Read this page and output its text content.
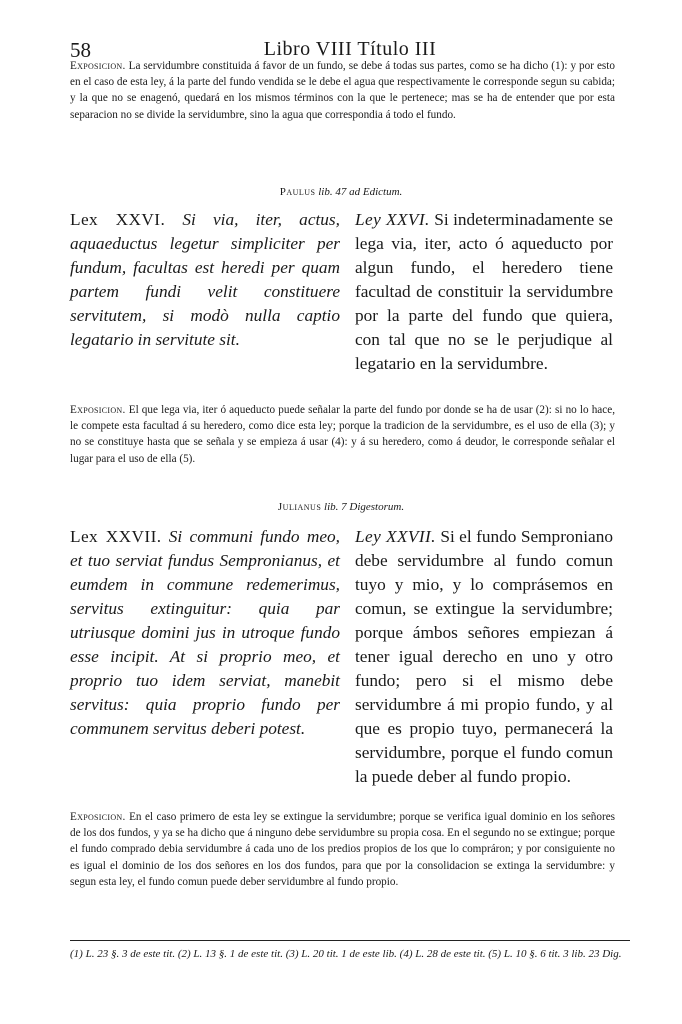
58	Libro VIII Título III

Exposicion. La servidumbre constituida á favor de un fundo, se debe á todas sus partes, como se ha dicho (1): y por esto en el caso de esta ley, á la parte del fundo vendida se le debe el agua que respectivamente le corresponde segun su cabida; y la que no se enagenó, quedará en los mismos términos con la que le pertenece; mas se ha de entender que por esta separacion no se divide la servidumbre, sino la agua que correspondia á todo el fundo.

Paulus lib. 47 ad Edictum.

Lex XXVI. Si via, iter, actus, aquaeductus legetur simpliciter per fundum, facultas est heredi per quam partem fundi velit constituere servitutem, si modò nulla captio legatario in servitute sit.

Ley XXVI. Si indeterminadamente se lega via, iter, acto ó aqueducto por algun fundo, el heredero tiene facultad de constituir la servidumbre por la parte del fundo que quiera, con tal que no se le perjudique al legatario en la servidumbre.

Exposicion. El que lega via, iter ó aqueducto puede señalar la parte del fundo por donde se ha de usar (2): si no lo hace, le compete esta facultad á su heredero, como dice esta ley; porque la tradicion de la servidumbre, es el uso de ella (3); y no se constituye hasta que se señala y se empieza á usar (4): y á su heredero, como á deudor, le corresponde señalar el lugar para el uso de ella (5).

Julianus lib. 7 Digestorum.

Lex XXVII. Si communi fundo meo, et tuo serviat fundus Sempronianus, et eumdem in commune redemerimus, servitus extinguitur: quia par utriusque domini jus in utroque fundo esse incipit. At si proprio meo, et proprio tuo idem serviat, manebit servitus: quia proprio fundo per communem servitus deberi potest.

Ley XXVII. Si el fundo Semproniano debe servidumbre al fundo comun tuyo y mio, y lo comprásemos en comun, se extingue la servidumbre; porque ámbos señores empiezan á tener igual derecho en uno y otro fundo; pero si el mismo debe servidumbre á mi propio fundo, y al que es propio tuyo, permanecerá la servidumbre, porque el fundo comun la puede deber al fundo propio.

Exposicion. En el caso primero de esta ley se extingue la servidumbre; porque se verifica igual dominio en los señores de los dos fundos, y ya se ha dicho que á ninguno debe servidumbre su propia cosa. En el segundo no se extingue; porque el fundo comprado debia servidumbre á cada uno de los predios propios de los que lo compráron; y por consiguiente no es igual el dominio de los dos señores en los dos fundos, para que por la consolidacion se extinga la servidumbre: y segun esta ley, el fundo comun puede deber servidumbre al fundo propio.

(1) L. 23 §. 3 de este tit. (2) L. 13 §. 1 de este tit. (3) L. 20 tit. 1 de este lib. (4) L. 28 de este tit. (5) L. 10 §. 6 tit. 3 lib. 23 Dig.
